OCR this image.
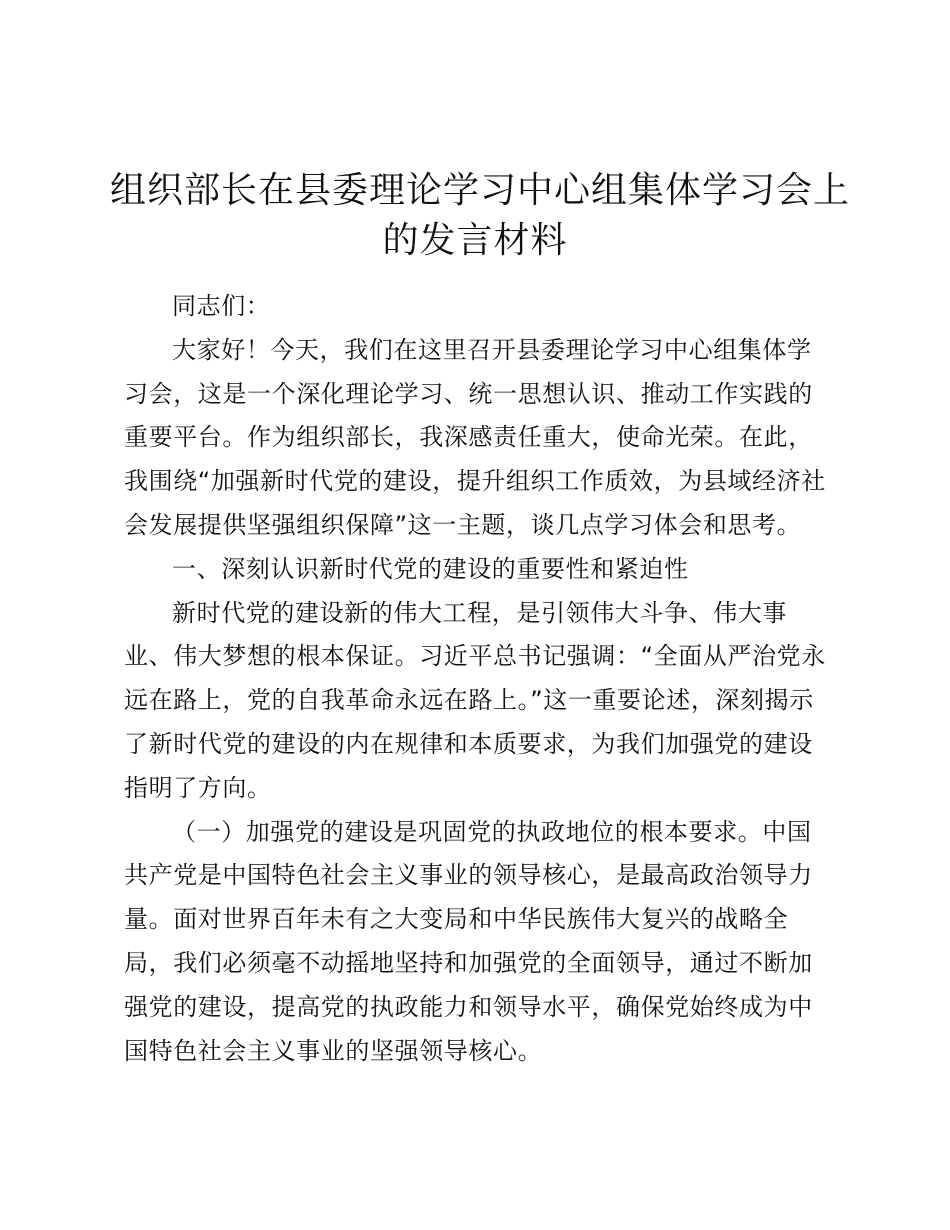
组织部长在县委理论学习中心组集体学习会上
的发言材料
同志们：
大家好！今天，我们在这里召开县委理论学习中心组集体学
习会，这是一个深化理论学习、统一思想认识、推动工作实践的
重要平台。作为组织部长，我深感责任重大，使命光荣。在此，
我围绕“加强新时代党的建设，提升组织工作质效，为县域经济社
会发展提供坚强组织保障”这一主题，谈几点学习体会和思考。
一、深刻认识新时代党的建设的重要性和紧迫性
新时代党的建设新的伟大工程，是引领伟大斗争、伟大事
业、伟大梦想的根本保证。习近平总书记强调：“全面从严治党永
远在路上，党的自我革命永远在路上。”这一重要论述，深刻揭示
了新时代党的建设的内在规律和本质要求，为我们加强党的建设
指明了方向。
（一）加强党的建设是巩固党的执政地位的根本要求。中国
共产党是中国特色社会主义事业的领导核心，是最高政治领导力
量。面对世界百年未有之大变局和中华民族伟大复兴的战略全
局，我们必须毫不动摇地坚持和加强党的全面领导，通过不断加
强党的建设，提高党的执政能力和领导水平，确保党始终成为中
国特色社会主义事业的坚强领导核心。
